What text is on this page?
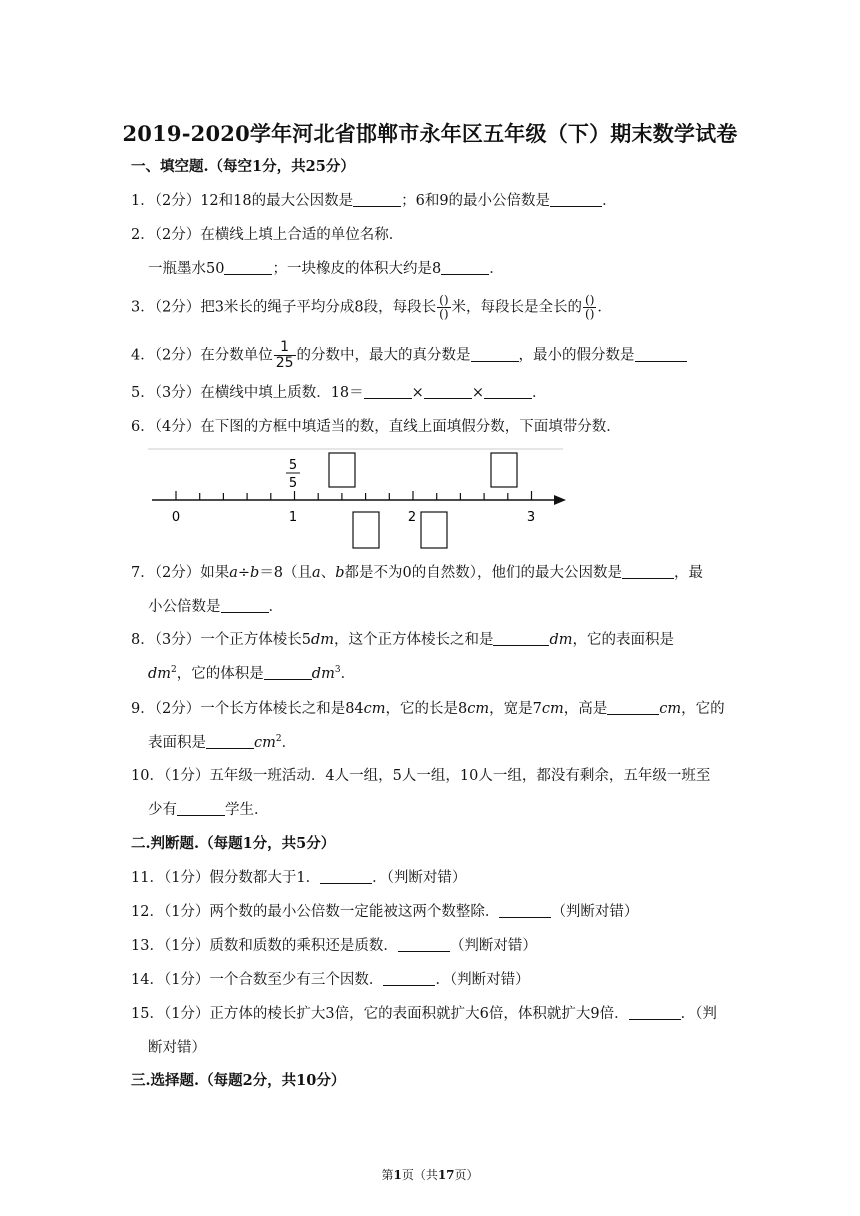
2019-2020学年河北省邯郸市永年区五年级（下）期末数学试卷
一、填空题.（每空1分，共25分）
1．（2分）12和18的最大公因数是	；6和9的最小公倍数是	．
2．（2分）在横线上填上合适的单位名称．
一瓶墨水50	；一块橡皮的体积大约是8	．
3．（2分）把3米长的绳子平均分成8段，每段长 $\frac{()}{()}$ 米，每段长是全长的 $\frac{()}{()}$ ．
4．（2分）在分数单位 $\frac{1}{25}$ 的分数中，最大的真分数是	，最小的假分数是
5．（3分）在横线中填上质数．18＝	×	×	．
6．（4分）在下图的方框中填适当的数，直线上面填假分数，下面填带分数．
0	1	2	3
5
5
7．（2分）如果a÷b＝8（且a、b都是不为0的自然数），他们的最大公因数是	，最
小公倍数是	．
8．（3分）一个正方体棱长5dm，这个正方体棱长之和是	dm，它的表面积是
$dm^2$，它的体积是	$dm^3$．
9．（2分）一个长方体棱长之和是84cm，它的长是8cm，宽是7cm，高是	cm，它的
表面积是	$cm^2$．
10．（1分）五年级一班活动．4人一组，5人一组，10人一组，都没有剩余，五年级一班至
少有	学生．
二.判断题.（每题1分，共5分）
11．（1分）假分数都大于1．	．（判断对错）
12．（1分）两个数的最小公倍数一定能被这两个数整除．	（判断对错）
13．（1分）质数和质数的乘积还是质数．	（判断对错）
14．（1分）一个合数至少有三个因数．	．（判断对错）
15．（1分）正方体的棱长扩大3倍，它的表面积就扩大6倍，体积就扩大9倍．	．（判
断对错）
三.选择题.（每题2分，共10分）
第1页（共17页）
